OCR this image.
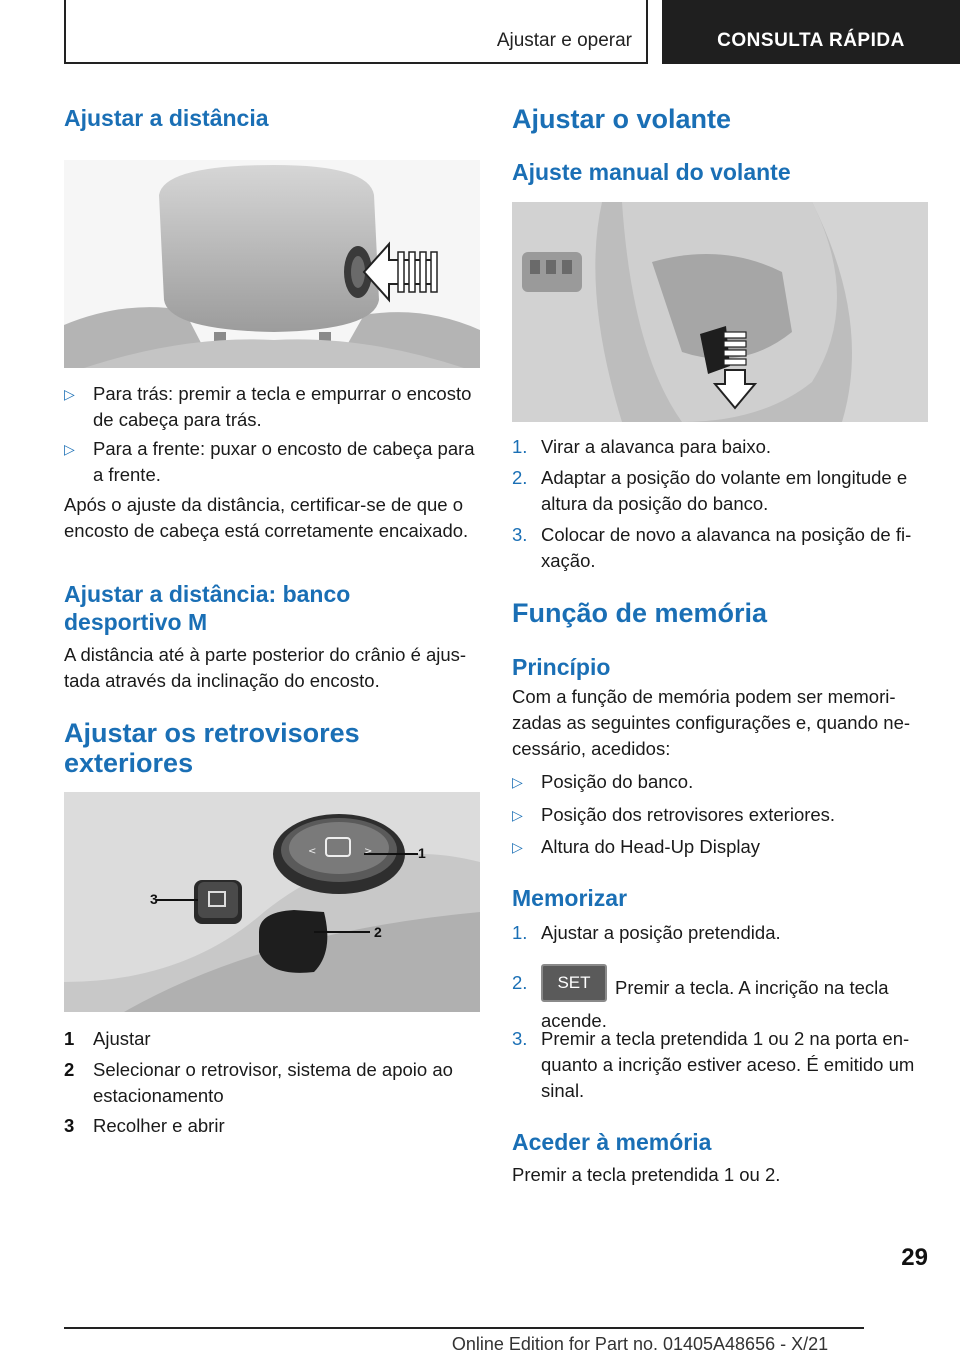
Ajustar e operar	CONSULTA RÁPIDA
Ajustar a distância
▷ Para trás: premir a tecla e empurrar o encosto de cabeça para trás.
▷ Para a frente: puxar o encosto de cabeça para a frente.
Após o ajuste da distância, certificar-se de que o encosto de cabeça está corretamente encaixado.
Ajustar a distância: banco
desportivo M
A distância até à parte posterior do crânio é ajus-tada através da inclinação do encosto.
Ajustar os retrovisores
exteriores
<	>	1
2
3
1 Ajustar
2 Selecionar o retrovisor, sistema de apoio ao estacionamento
3 Recolher e abrir
Ajustar o volante
Ajuste manual do volante
1. Virar a alavanca para baixo.
2. Adaptar a posição do volante em longitude e altura da posição do banco.
3. Colocar de novo a alavanca na posição de fi-xação.
Função de memória
Princípio
Com a função de memória podem ser memori-zadas as seguintes configurações e, quando ne-cessário, acedidos:
▷ Posição do banco.
▷ Posição dos retrovisores exteriores.
▷ Altura do Head-Up Display
Memorizar
1. Ajustar a posição pretendida.
2.	SET Premir a tecla. A incrição na tecla acende.
3. Premir a tecla pretendida 1 ou 2 na porta en-quanto a incrição estiver aceso. É emitido um sinal.
Aceder à memória
Premir a tecla pretendida 1 ou 2.
29
Online Edition for Part no. 01405A48656 - X/21
